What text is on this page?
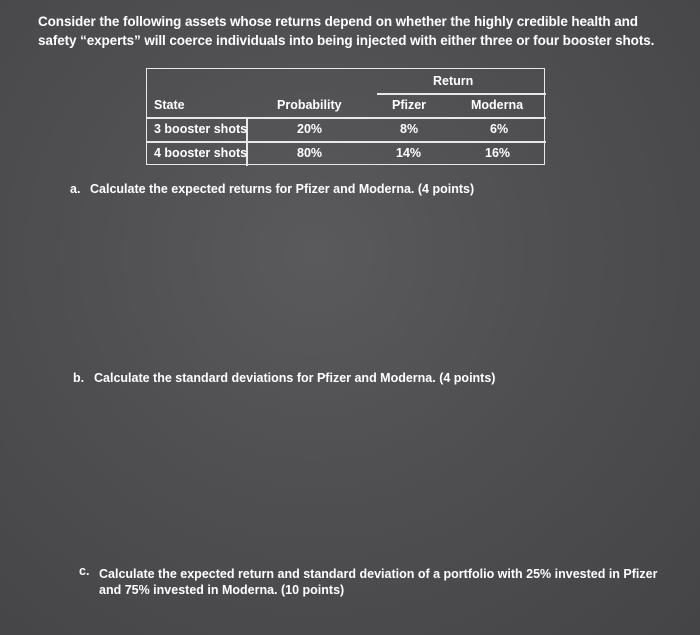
Consider the following assets whose returns depend on whether the highly credible health and safety “experts” will coerce individuals into being injected with either three or four booster shots.
Return
State	Probability	Pfizer	Moderna
3 booster shots	20%	8%	6%
4 booster shots	80%	14%	16%
a. Calculate the expected returns for Pfizer and Moderna. (4 points)
b. Calculate the standard deviations for Pfizer and Moderna. (4 points)
c. Calculate the expected return and standard deviation of a portfolio with 25% invested in Pfizer and 75% invested in Moderna. (10 points)
